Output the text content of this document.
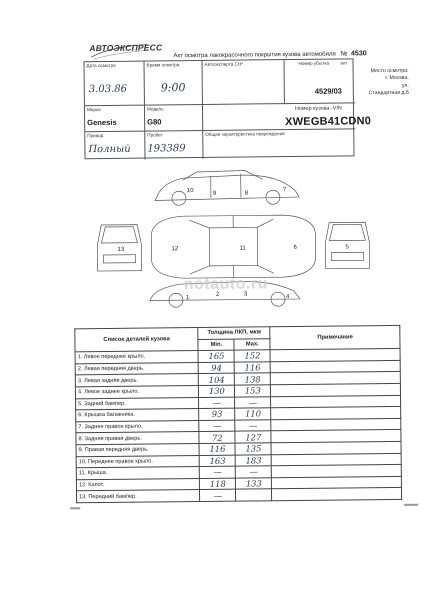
АВТОЭКСПРЕСС
Акт осмотра лакокрасочного покрытия кузова автомобиля № 4530
Дата осмотра
3.03.86
Время осмотра
9:00
Автоэксперта СН*	Номер убытка акт
4529/03
Марка
Genesis
Модель
G80
Номер кузова -VIN
XWEGB41CDN0
Привод
Полный
Пробег
193389
Общая характеристика повреждения
Место осмотра:
г. Москва,
ул.
Стандартная д.6
9	8
10	7
13	12	11	6	5
1
2	3	4
notauto.ru
Список деталей кузова	Толщина ЛКП, мкм		Примечание
	Min.	Max.	
1. Левое переднее крыло.	165	152	
2. Левая передняя дверь.	94	116	
3. Левая задняя дверь.	104	138	
4. Левое заднее крыло.	130	153	
5. Задний бампер.	—	—	
6. Крышка багажника.	93	110	
7. Заднее правое крыло.	—	—	
8. Задняя правая дверь.	72	127	
9. Правая передняя дверь.	116	135	
10. Переднее правое крыло.	163	183	
11. Крыша.	—	—	
12. Капот.	118	133	
13. Передний бампер.	—		
